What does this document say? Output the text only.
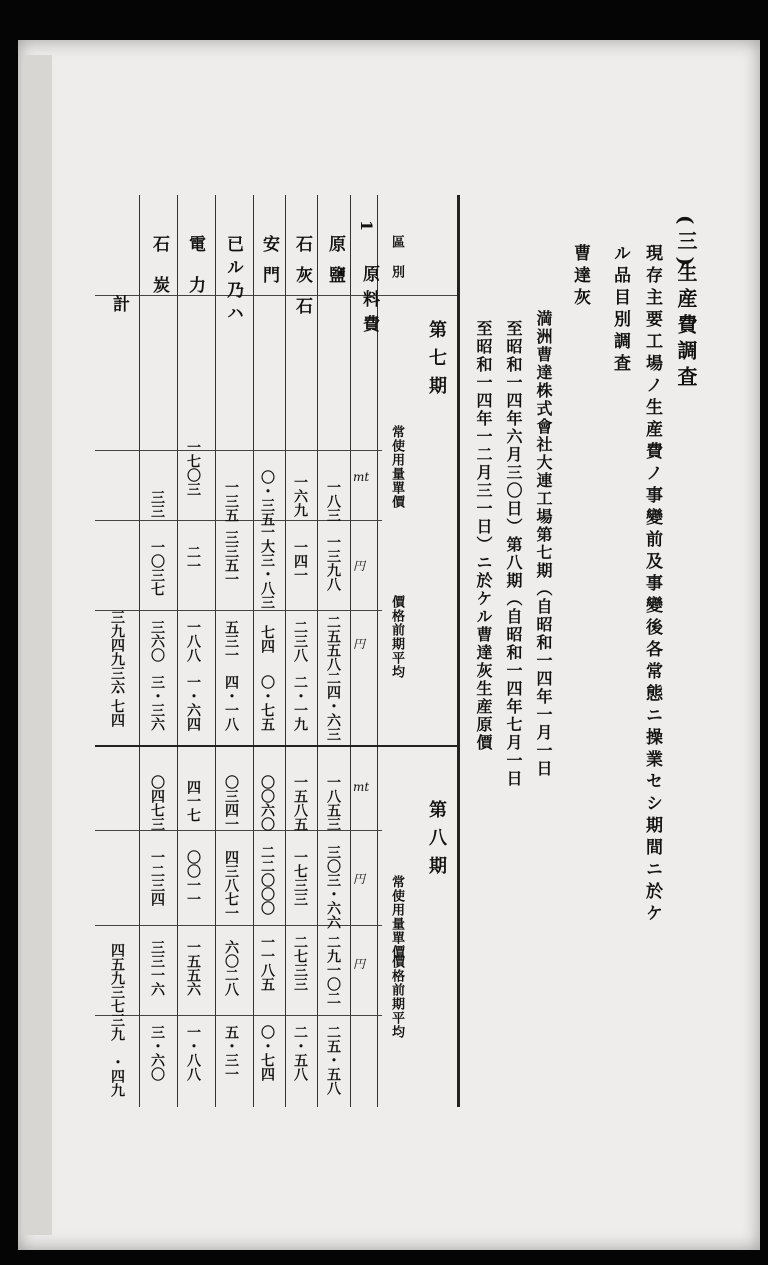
(三)
生産費調査
現存主要工場ノ生産費ノ事變前及事變後各常態ニ操業セシ期間ニ於ケ
ル品目別調査
曹達灰
満洲曹達株式會社大連工場第七期（自昭和一四年一月一日
至昭和一四年六月三〇日）第八期（自昭和一四年七月一日
至昭和一四年一二月三一日）ニ於ケル曹達灰生産原價
第七期
第八期
區
別
常使用量單價
價格前期平均
常使用量單價
價格前期平均
mt
円
円
mt
円
円
1
原料費
原鹽
一八三
一三九八
二五五八二四・六三
一八五三
三〇三・六六
二九一〇二
二五・五八
石灰石
一六九
一四一
二三八
二・一九
一五八五
一七三三
二七三三
二・五八
安門
〇・三五
一大三・八三
七四
〇・七五
〇〇六〇
二二〇〇〇
一一八五
〇・七四
已ル乃ハ
一三五
三三五一
五三一
四・一八
〇三四一
四三八七一
六〇二八
五・三一
電力
一七〇三
二一
一八八
一・六四
四一七
〇〇一一
一五五六
一・八八
石炭
三三
一〇三七
三六〇
三・三六
〇四七三
一二三四
三三一六
三・六〇
計
三九四九三六
・七四
四五九三七三九
・四九
